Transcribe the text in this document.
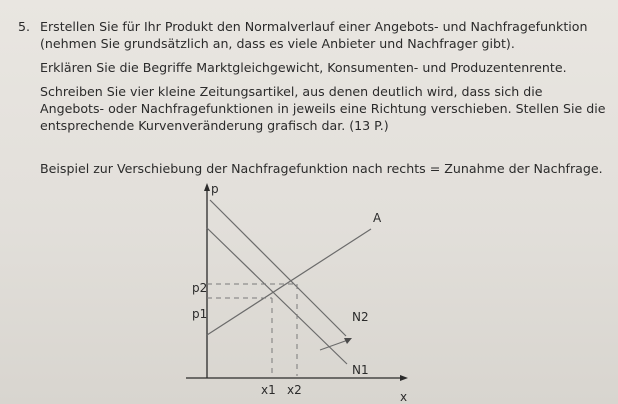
5. Erstellen Sie für Ihr Produkt den Normalverlauf einer Angebots- und Nachfragefunktion (nehmen Sie grundsätzlich an, dass es viele Anbieter und Nachfrager gibt).

Erklären Sie die Begriffe Marktgleichgewicht, Konsumenten- und Produzentenrente.

Schreiben Sie vier kleine Zeitungsartikel, aus denen deutlich wird, dass sich die Angebots- oder Nachfragefunktionen in jeweils eine Richtung verschieben. Stellen Sie die entsprechende Kurvenveränderung grafisch dar. (13 P.)

Beispiel zur Verschiebung der Nachfragefunktion nach rechts = Zunahme der Nachfrage.
p
x
A
N1
N2
p2
p1
x1 x2
